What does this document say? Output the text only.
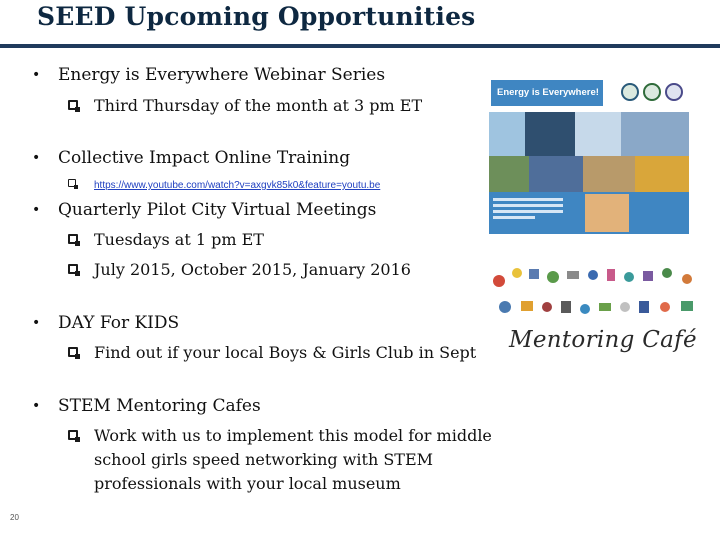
SEED Upcoming Opportunities
• Energy is Everywhere Webinar Series
Third Thursday of the month at 3 pm ET
• Collective Impact Online Training
https://www.youtube.com/watch?v=axgvk85k0&feature=youtu.be
• Quarterly Pilot City Virtual Meetings
Tuesdays at 1 pm ET
July 2015, October 2015, January 2016
• DAY For KIDS
Find out if your local Boys & Girls Club in Sept
• STEM Mentoring Cafes
Work with us to implement this model for middle school girls speed networking with STEM professionals with your local museum
Energy is Everywhere!
Mentoring Café
20
